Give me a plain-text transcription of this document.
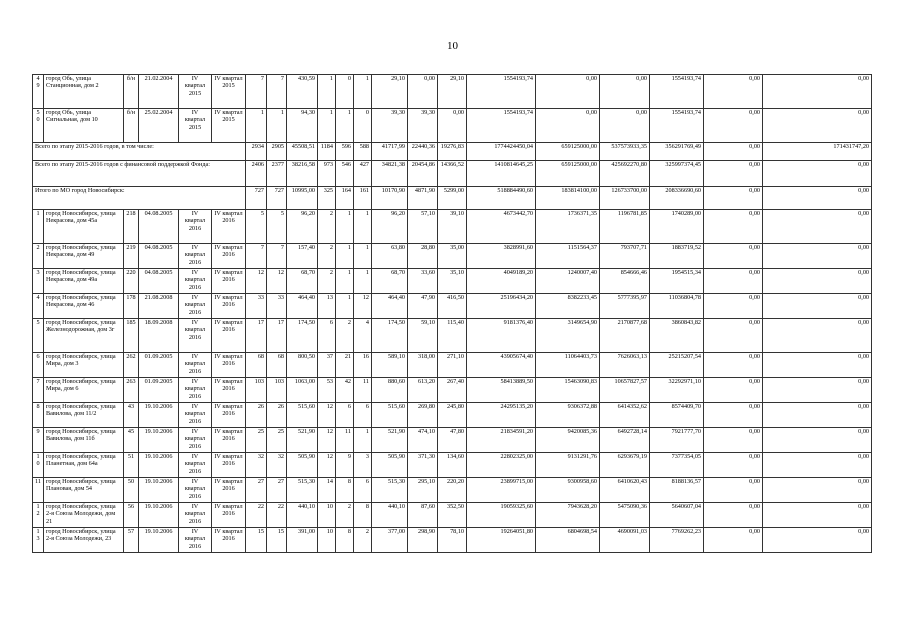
10
49	город Обь, улица Станционная, дом 2	б/н	21.02.2004	IV квартал 2015	IV квартал 2015	7	7	430,59	1	0	1	29,10	0,00	29,10	1554193,74	0,00	0,00	1554193,74	0,00	0,00
50	город Обь, улица Сигнальная, дом 10	б/н	25.02.2004	IV квартал 2015	IV квартал 2015	1	1	94,30	1	1	0	39,30	39,30	0,00	1554193,74	0,00	0,00	1554193,74	0,00	0,00
Всего по этапу 2015-2016 годов, в том числе:						2934	2905	45508,51	1184	596	588	41717,99	22440,36	19276,83	1774424450,04	659125000,00	537573933,35	356291769,49	0,00	171431747,20
Всего по этапу 2015-2016 годов с финансовой поддержкой Фонда:						2406	2377	38216,58	973	546	427	34821,38	20454,86	14366,52	1410814645,25	659125000,00	425692270,80	325997374,45	0,00	0,00
Итого по МО город Новосибирск:						727	727	10995,00	325	164	161	10170,90	4871,90	5299,00	518884490,60	183814100,00	126733700,00	208336690,60	0,00	0,00
1	город Новосибирск, улица Некрасова, дом 45а	218	04.08.2005	IV квартал 2016	IV квартал 2016	5	5	96,20	2	1	1	96,20	57,10	39,10	4673442,70	1736371,35	1196781,85	1740289,00	0,00	0,00
2	город Новосибирск, улица Некрасова, дом 49	219	04.08.2005	IV квартал 2016	IV квартал 2016	7	7	157,40	2	1	1	63,80	28,80	35,00	3828991,60	1151564,37	793707,71	1883719,52	0,00	0,00
3	город Новосибирск, улица Некрасова, дом 49а	220	04.08.2005	IV квартал 2016	IV квартал 2016	12	12	68,70	2	1	1	68,70	33,60	35,10	4049189,20	1240007,40	854666,46	1954515,34	0,00	0,00
4	город Новосибирск, улица Некрасова, дом 46	178	21.08.2008	IV квартал 2016	IV квартал 2016	33	33	464,40	13	1	12	464,40	47,90	416,50	25196434,20	8382233,45	5777395,97	11036804,78	0,00	0,00
5	город Новосибирск, улица Железнодорожная, дом 3г	185	18.09.2008	IV квартал 2016	IV квартал 2016	17	17	174,50	6	2	4	174,50	59,10	115,40	9181376,40	3149654,90	2170877,68	3860843,82	0,00	0,00
6	город Новосибирск, улица Мира, дом 3	262	01.09.2005	IV квартал 2016	IV квартал 2016	68	68	800,50	37	21	16	589,10	318,00	271,10	43905674,40	11064403,73	7626063,13	25215207,54	0,00	0,00
7	город Новосибирск, улица Мира, дом 6	263	01.09.2005	IV квартал 2016	IV квартал 2016	103	103	1063,00	53	42	11	880,60	613,20	267,40	58413889,50	15463090,83	10657827,57	32292971,10	0,00	0,00
8	город Новосибирск, улица Вавилова, дом 11/2	43	19.10.2006	IV квартал 2016	IV квартал 2016	26	26	515,60	12	6	6	515,60	269,80	245,80	24295135,20	9306372,88	6414352,62	8574409,70	0,00	0,00
9	город Новосибирск, улица Вавилова, дом 11б	45	19.10.2006	IV квартал 2016	IV квартал 2016	25	25	521,90	12	11	1	521,90	474,10	47,80	21834591,20	9420085,36	6492728,14	7921777,70	0,00	0,00
10	город Новосибирск, улица Планетная, дом 64а	51	19.10.2006	IV квартал 2016	IV квартал 2016	32	32	505,90	12	9	3	505,90	371,30	134,60	22802325,00	9131291,76	6293679,19	7377354,05	0,00	0,00
11	город Новосибирск, улица Плановая, дом 54	50	19.10.2006	IV квартал 2016	IV квартал 2016	27	27	515,30	14	8	6	515,30	295,10	220,20	23899715,00	9300958,60	6410620,43	8188136,57	0,00	0,00
12	город Новосибирск, улица 2-я Союза Молодежи, дом 21	56	19.10.2006	IV квартал 2016	IV квартал 2016	22	22	440,10	10	2	8	440,10	87,60	352,50	19059325,60	7943628,20	5475090,36	5640607,04	0,00	0,00
13	город Новосибирск, улица 2-я Союза Молодежи, 23	57	19.10.2006	IV квартал 2016	IV квартал 2016	15	15	391,00	10	8	2	377,00	298,90	78,10	19264051,80	6804698,54	4690091,03	7769262,23	0,00	0,00
